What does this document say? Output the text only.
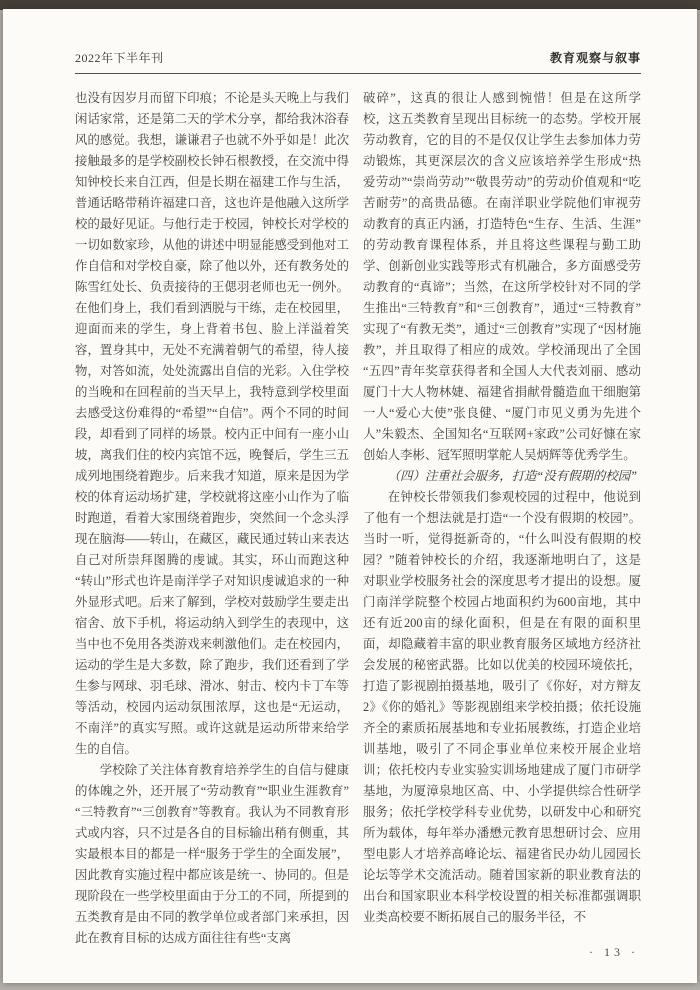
2022年下半年刊	教育观察与叙事
也没有因岁月而留下印痕；不论是头天晚上与我们闲话家常，还是第二天的学术分享，都给我沐浴春风的感觉。我想，谦谦君子也就不外乎如是！此次接触最多的是学校副校长钟石根教授，在交流中得知钟校长来自江西，但是长期在福建工作与生活，普通话略带稍许福建口音，这也许是他融入这所学校的最好见证。与他行走于校园，钟校长对学校的一切如数家珍，从他的讲述中明显能感受到他对工作自信和对学校自豪，除了他以外，还有教务处的陈雪红处长、负责接待的王偲羽老师也无一例外。在他们身上，我们看到洒脱与干练，走在校园里，迎面而来的学生，身上背着书包、脸上洋溢着笑容，置身其中，无处不充满着朝气的希望，待人接物，对答如流，处处流露出自信的光彩。入住学校的当晚和在回程前的当天早上，我特意到学校里面去感受这份难得的“希望”“自信”。两个不同的时间段，却看到了同样的场景。校内正中间有一座小山坡，离我们住的校内宾馆不远，晚餐后，学生三五成列地围绕着跑步。后来我才知道，原来是因为学校的体育运动场扩建，学校就将这座小山作为了临时跑道，看着大家围绕着跑步，突然间一个念头浮现在脑海——转山，在藏区，藏民通过转山来表达自己对所崇拜图腾的虔诚。其实，环山而跑这种“转山”形式也许是南洋学子对知识虔诚追求的一种外显形式吧。后来了解到，学校对鼓励学生要走出宿舍、放下手机，将运动纳入到学生的表现中，这当中也不免用各类游戏来刺激他们。走在校园内，运动的学生是大多数，除了跑步，我们还看到了学生参与网球、羽毛球、滑冰、射击、校内卡丁车等等活动，校园内运动氛围浓厚，这也是“无运动，不南洋”的真实写照。或许这就是运动所带来给学生的自信。
学校除了关注体育教育培养学生的自信与健康的体魄之外，还开展了“劳动教育”“职业生涯教育”“三特教育”“三创教育”等教育。我认为不同教育形式或内容，只不过是各自的目标输出稍有侧重，其实最根本目的都是一样“服务于学生的全面发展”，因此教育实施过程中都应该是统一、协同的。但是现阶段在一些学校里面由于分工的不同，所提到的五类教育是由不同的教学单位或者部门来承担，因此在教育目标的达成方面往往有些“支离
破碎”，这真的很让人感到惋惜！但是在这所学校，这五类教育呈现出目标统一的态势。学校开展劳动教育，它的目的不是仅仅让学生去参加体力劳动锻炼，其更深层次的含义应该培养学生形成“热爱劳动”“崇尚劳动”“敬畏劳动”的劳动价值观和“吃苦耐劳”的高贵品德。在南洋职业学院他们审视劳动教育的真正内涵，打造特色“生存、生活、生涯”的劳动教育课程体系，并且将这些课程与勤工助学、创新创业实践等形式有机融合，多方面感受劳动教育的“真谛”；当然，在这所学校针对不同的学生推出“三特教育”和“三创教育”，通过“三特教育”实现了“有教无类”，通过“三创教育”实现了“因材施教”，并且取得了相应的成效。学校涌现出了全国“五四”青年奖章获得者和全国人大代表刘丽、感动厦门十大人物林婕、福建省捐献骨髓造血干细胞第一人“爱心大使”张良健、“厦门市见义勇为先进个人”朱毅杰、全国知名“互联网+家政”公司好慷在家创始人李彬、冠军照明掌舵人吴炳辉等优秀学生。
（四）注重社会服务，打造“没有假期的校园”
在钟校长带领我们参观校园的过程中，他说到了他有一个想法就是打造“一个没有假期的校园”。当时一听，觉得挺新奇的，“什么叫没有假期的校园？”随着钟校长的介绍，我逐渐地明白了，这是对职业学校服务社会的深度思考才提出的设想。厦门南洋学院整个校园占地面积约为600亩地，其中还有近200亩的绿化面积，但是在有限的面积里面，却隐藏着丰富的职业教育服务区域地方经济社会发展的秘密武器。比如以优美的校园环境依托，打造了影视剧拍摄基地，吸引了《你好，对方辩友2》《你的婚礼》等影视剧组来学校拍摄；依托设施齐全的素质拓展基地和专业拓展教练，打造企业培训基地，吸引了不同企事业单位来校开展企业培训；依托校内专业实验实训场地建成了厦门市研学基地，为厦漳泉地区高、中、小学提供综合性研学服务；依托学校学科专业优势，以研发中心和研究所为载体，每年举办潘懋元教育思想研讨会、应用型电影人才培养高峰论坛、福建省民办幼儿园园长论坛等学术交流活动。随着国家新的职业教育法的出台和国家职业本科学校设置的相关标准都强调职业类高校要不断拓展自己的服务半径，不
· 13 ·
